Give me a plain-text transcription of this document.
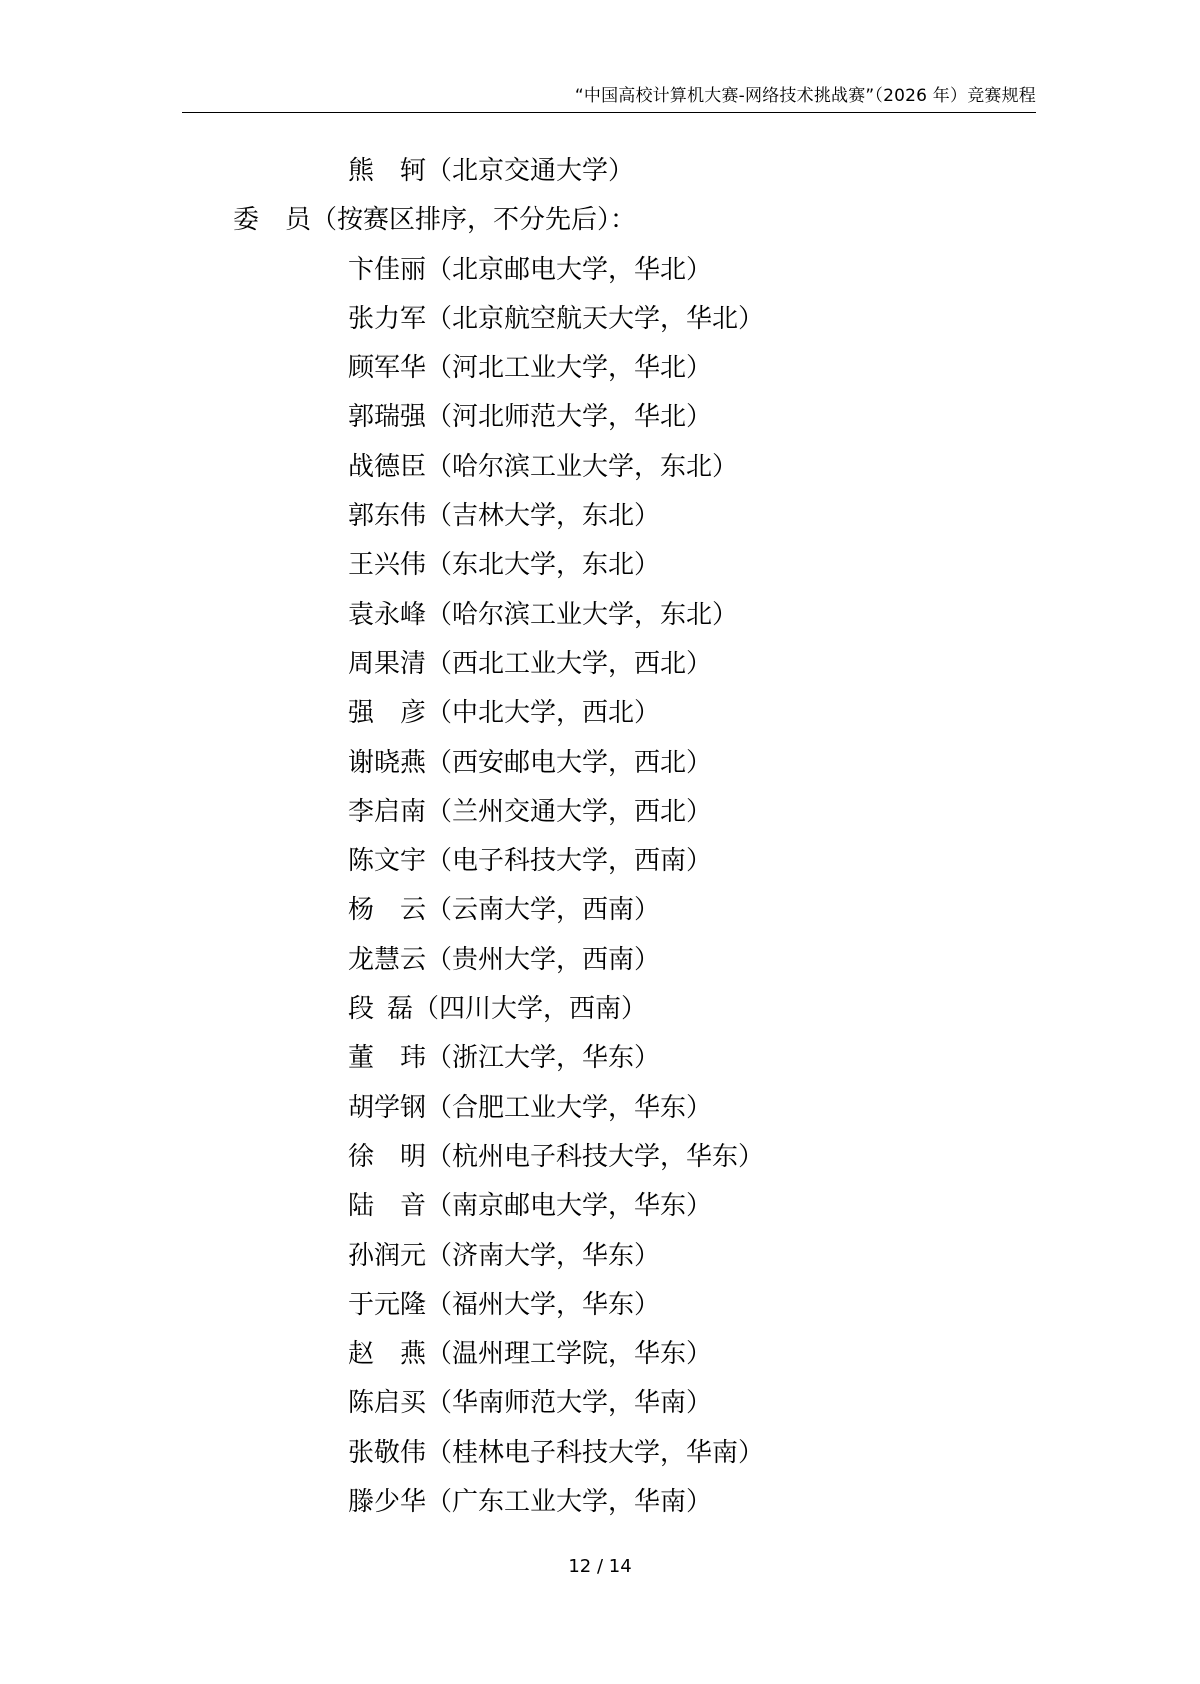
“中国高校计算机大赛-网络技术挑战赛”（2026 年）竞赛规程
熊　轲（北京交通大学）
委　员（按赛区排序，不分先后）：
卞佳丽（北京邮电大学，华北）
张力军（北京航空航天大学，华北）
顾军华（河北工业大学，华北）
郭瑞强（河北师范大学，华北）
战德臣（哈尔滨工业大学，东北）
郭东伟（吉林大学，东北）
王兴伟（东北大学，东北）
袁永峰（哈尔滨工业大学，东北）
周果清（西北工业大学，西北）
强　彦（中北大学，西北）
谢晓燕（西安邮电大学，西北）
李启南（兰州交通大学，西北）
陈文宇（电子科技大学，西南）
杨　云（云南大学，西南）
龙慧云（贵州大学，西南）
段 磊（四川大学，西南）
董　玮（浙江大学，华东）
胡学钢（合肥工业大学，华东）
徐　明（杭州电子科技大学，华东）
陆　音（南京邮电大学，华东）
孙润元（济南大学，华东）
于元隆（福州大学，华东）
赵　燕（温州理工学院，华东）
陈启买（华南师范大学，华南）
张敬伟（桂林电子科技大学，华南）
滕少华（广东工业大学，华南）
12 / 14
